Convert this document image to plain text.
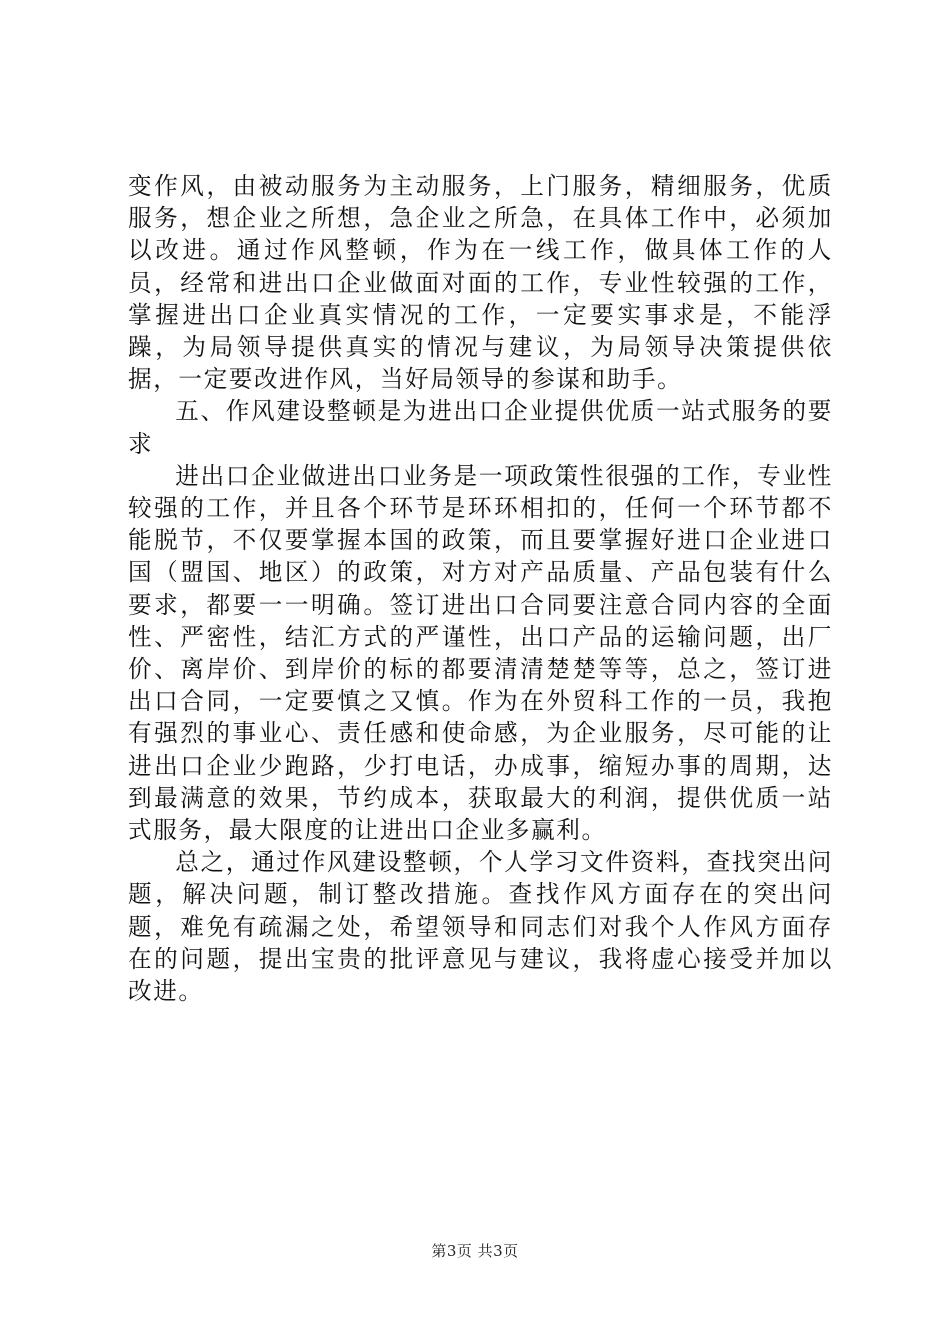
变作风，由被动服务为主动服务，上门服务，精细服务，优质服务，想企业之所想，急企业之所急，在具体工作中，必须加以改进。通过作风整顿，作为在一线工作，做具体工作的人员，经常和进出口企业做面对面的工作，专业性较强的工作，掌握进出口企业真实情况的工作，一定要实事求是，不能浮躁，为局领导提供真实的情况与建议，为局领导决策提供依据，一定要改进作风，当好局领导的参谋和助手。

五、作风建设整顿是为进出口企业提供优质一站式服务的要求

进出口企业做进出口业务是一项政策性很强的工作，专业性较强的工作，并且各个环节是环环相扣的，任何一个环节都不能脱节，不仅要掌握本国的政策，而且要掌握好进口企业进口国（盟国、地区）的政策，对方对产品质量、产品包装有什么要求，都要一一明确。签订进出口合同要注意合同内容的全面性、严密性，结汇方式的严谨性，出口产品的运输问题，出厂价、离岸价、到岸价的标的都要清清楚楚等等，总之，签订进出口合同，一定要慎之又慎。作为在外贸科工作的一员，我抱有强烈的事业心、责任感和使命感，为企业服务，尽可能的让进出口企业少跑路，少打电话，办成事，缩短办事的周期，达到最满意的效果，节约成本，获取最大的利润，提供优质一站式服务，最大限度的让进出口企业多赢利。

总之，通过作风建设整顿，个人学习文件资料，查找突出问题，解决问题，制订整改措施。查找作风方面存在的突出问题，难免有疏漏之处，希望领导和同志们对我个人作风方面存在的问题，提出宝贵的批评意见与建议，我将虚心接受并加以改进。

第3页 共3页
